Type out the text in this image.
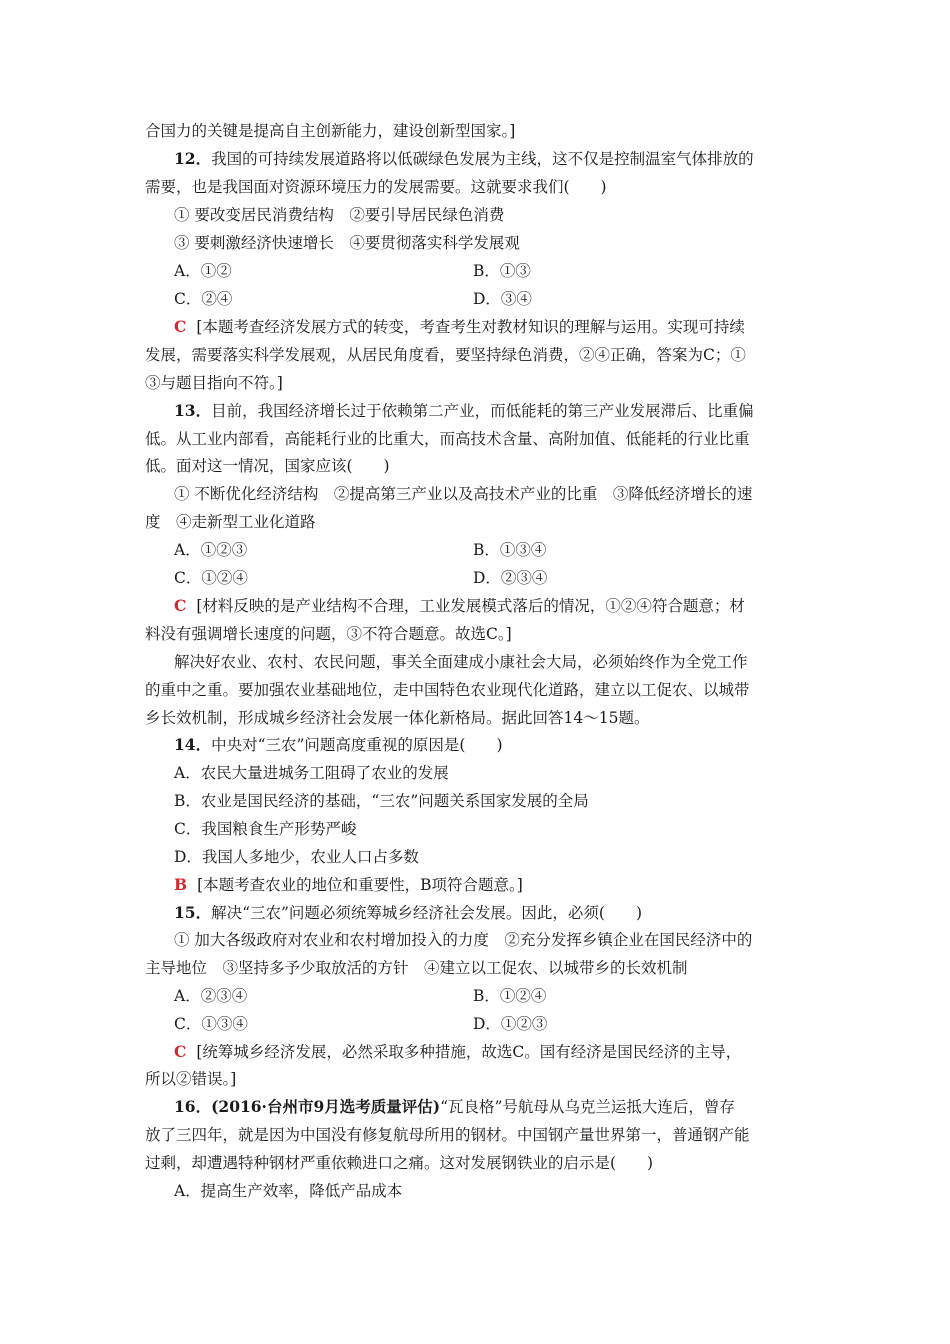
合国力的关键是提高自主创新能力，建设创新型国家。]
12．我国的可持续发展道路将以低碳绿色发展为主线，这不仅是控制温室气体排放的
需要，也是我国面对资源环境压力的发展需要。这就要求我们(　　)
① 要改变居民消费结构　②要引导居民绿色消费
③ 要刺激经济快速增长　④要贯彻落实科学发展观
A．①②	B．①③
C．②④	D．③④
C [本题考查经济发展方式的转变，考查考生对教材知识的理解与运用。实现可持续
发展，需要落实科学发展观，从居民角度看，要坚持绿色消费，②④正确，答案为C；①
③与题目指向不符。]
13．目前，我国经济增长过于依赖第二产业，而低能耗的第三产业发展滞后、比重偏
低。从工业内部看，高能耗行业的比重大，而高技术含量、高附加值、低能耗的行业比重
低。面对这一情况，国家应该(　　)
① 不断优化经济结构　②提高第三产业以及高技术产业的比重　③降低经济增长的速
度　④走新型工业化道路
A．①②③	B．①③④
C．①②④	D．②③④
C [材料反映的是产业结构不合理，工业发展模式落后的情况，①②④符合题意；材
料没有强调增长速度的问题，③不符合题意。故选C。]
解决好农业、农村、农民问题，事关全面建成小康社会大局，必须始终作为全党工作
的重中之重。要加强农业基础地位，走中国特色农业现代化道路，建立以工促农、以城带
乡长效机制，形成城乡经济社会发展一体化新格局。据此回答14～15题。
14．中央对“三农”问题高度重视的原因是(　　)
A．农民大量进城务工阻碍了农业的发展
B．农业是国民经济的基础，“三农”问题关系国家发展的全局
C．我国粮食生产形势严峻
D．我国人多地少，农业人口占多数
B [本题考查农业的地位和重要性，B项符合题意。]
15．解决“三农”问题必须统筹城乡经济社会发展。因此，必须(　　)
① 加大各级政府对农业和农村增加投入的力度　②充分发挥乡镇企业在国民经济中的
主导地位　③坚持多予少取放活的方针　④建立以工促农、以城带乡的长效机制
A．②③④	B．①②④
C．①③④	D．①②③
C [统筹城乡经济发展，必然采取多种措施，故选C。国有经济是国民经济的主导，
所以②错误。]
16．(2016·台州市9月选考质量评估)“瓦良格”号航母从乌克兰运抵大连后，曾存
放了三四年，就是因为中国没有修复航母所用的钢材。中国钢产量世界第一，普通钢产能
过剩，却遭遇特种钢材严重依赖进口之痛。这对发展钢铁业的启示是(　　)
A．提高生产效率，降低产品成本
